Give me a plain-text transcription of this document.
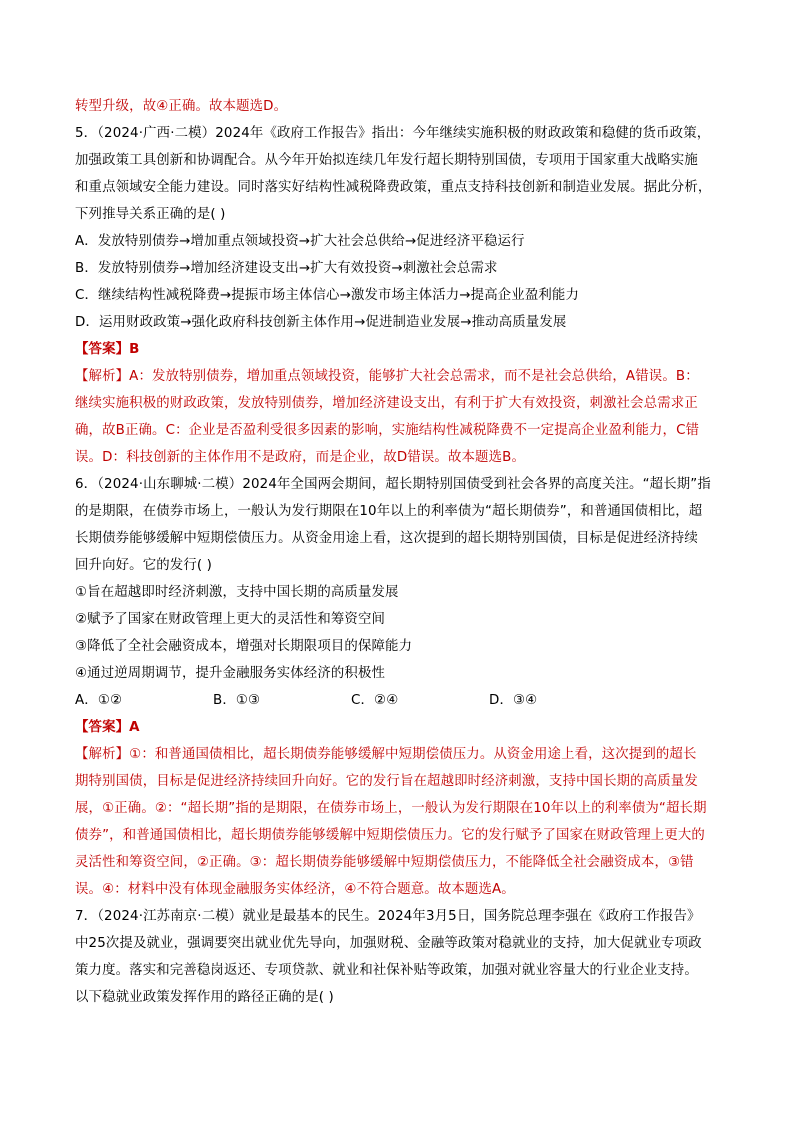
转型升级，故④正确。故本题选D。
5．（2024·广西·二模）2024年《政府工作报告》指出：今年继续实施积极的财政政策和稳健的货币政策，
加强政策工具创新和协调配合。从今年开始拟连续几年发行超长期特别国债，专项用于国家重大战略实施
和重点领域安全能力建设。同时落实好结构性减税降费政策，重点支持科技创新和制造业发展。据此分析，
下列推导关系正确的是( )
A．发放特别债券→增加重点领域投资→扩大社会总供给→促进经济平稳运行
B．发放特别债券→增加经济建设支出→扩大有效投资→刺激社会总需求
C．继续结构性减税降费→提振市场主体信心→激发市场主体活力→提高企业盈利能力
D．运用财政政策→强化政府科技创新主体作用→促进制造业发展→推动高质量发展
【答案】B
【解析】A：发放特别债券，增加重点领域投资，能够扩大社会总需求，而不是社会总供给，A错误。B：
继续实施积极的财政政策，发放特别债券，增加经济建设支出，有利于扩大有效投资，刺激社会总需求正
确，故B正确。C：企业是否盈利受很多因素的影响，实施结构性减税降费不一定提高企业盈利能力，C错
误。D：科技创新的主体作用不是政府，而是企业，故D错误。故本题选B。
6．（2024·山东聊城·二模）2024年全国两会期间，超长期特别国债受到社会各界的高度关注。“超长期”指
的是期限，在债券市场上，一般认为发行期限在10年以上的利率债为“超长期债券”，和普通国债相比，超
长期债券能够缓解中短期偿债压力。从资金用途上看，这次提到的超长期特别国债，目标是促进经济持续
回升向好。它的发行( )
①旨在超越即时经济刺激，支持中国长期的高质量发展
②赋予了国家在财政管理上更大的灵活性和筹资空间
③降低了全社会融资成本，增强对长期限项目的保障能力
④通过逆周期调节，提升金融服务实体经济的积极性
A．①②	B．①③	C．②④	D．③④
【答案】A
【解析】①：和普通国债相比，超长期债券能够缓解中短期偿债压力。从资金用途上看，这次提到的超长
期特别国债，目标是促进经济持续回升向好。它的发行旨在超越即时经济刺激，支持中国长期的高质量发
展，①正确。②：“超长期”指的是期限，在债券市场上，一般认为发行期限在10年以上的利率债为“超长期
债券”，和普通国债相比，超长期债券能够缓解中短期偿债压力。它的发行赋予了国家在财政管理上更大的
灵活性和筹资空间，②正确。③：超长期债券能够缓解中短期偿债压力，不能降低全社会融资成本，③错
误。④：材料中没有体现金融服务实体经济，④不符合题意。故本题选A。
7．（2024·江苏南京·二模）就业是最基本的民生。2024年3月5日，国务院总理李强在《政府工作报告》
中25次提及就业，强调要突出就业优先导向，加强财税、金融等政策对稳就业的支持，加大促就业专项政
策力度。落实和完善稳岗返还、专项贷款、就业和社保补贴等政策，加强对就业容量大的行业企业支持。
以下稳就业政策发挥作用的路径正确的是( )
